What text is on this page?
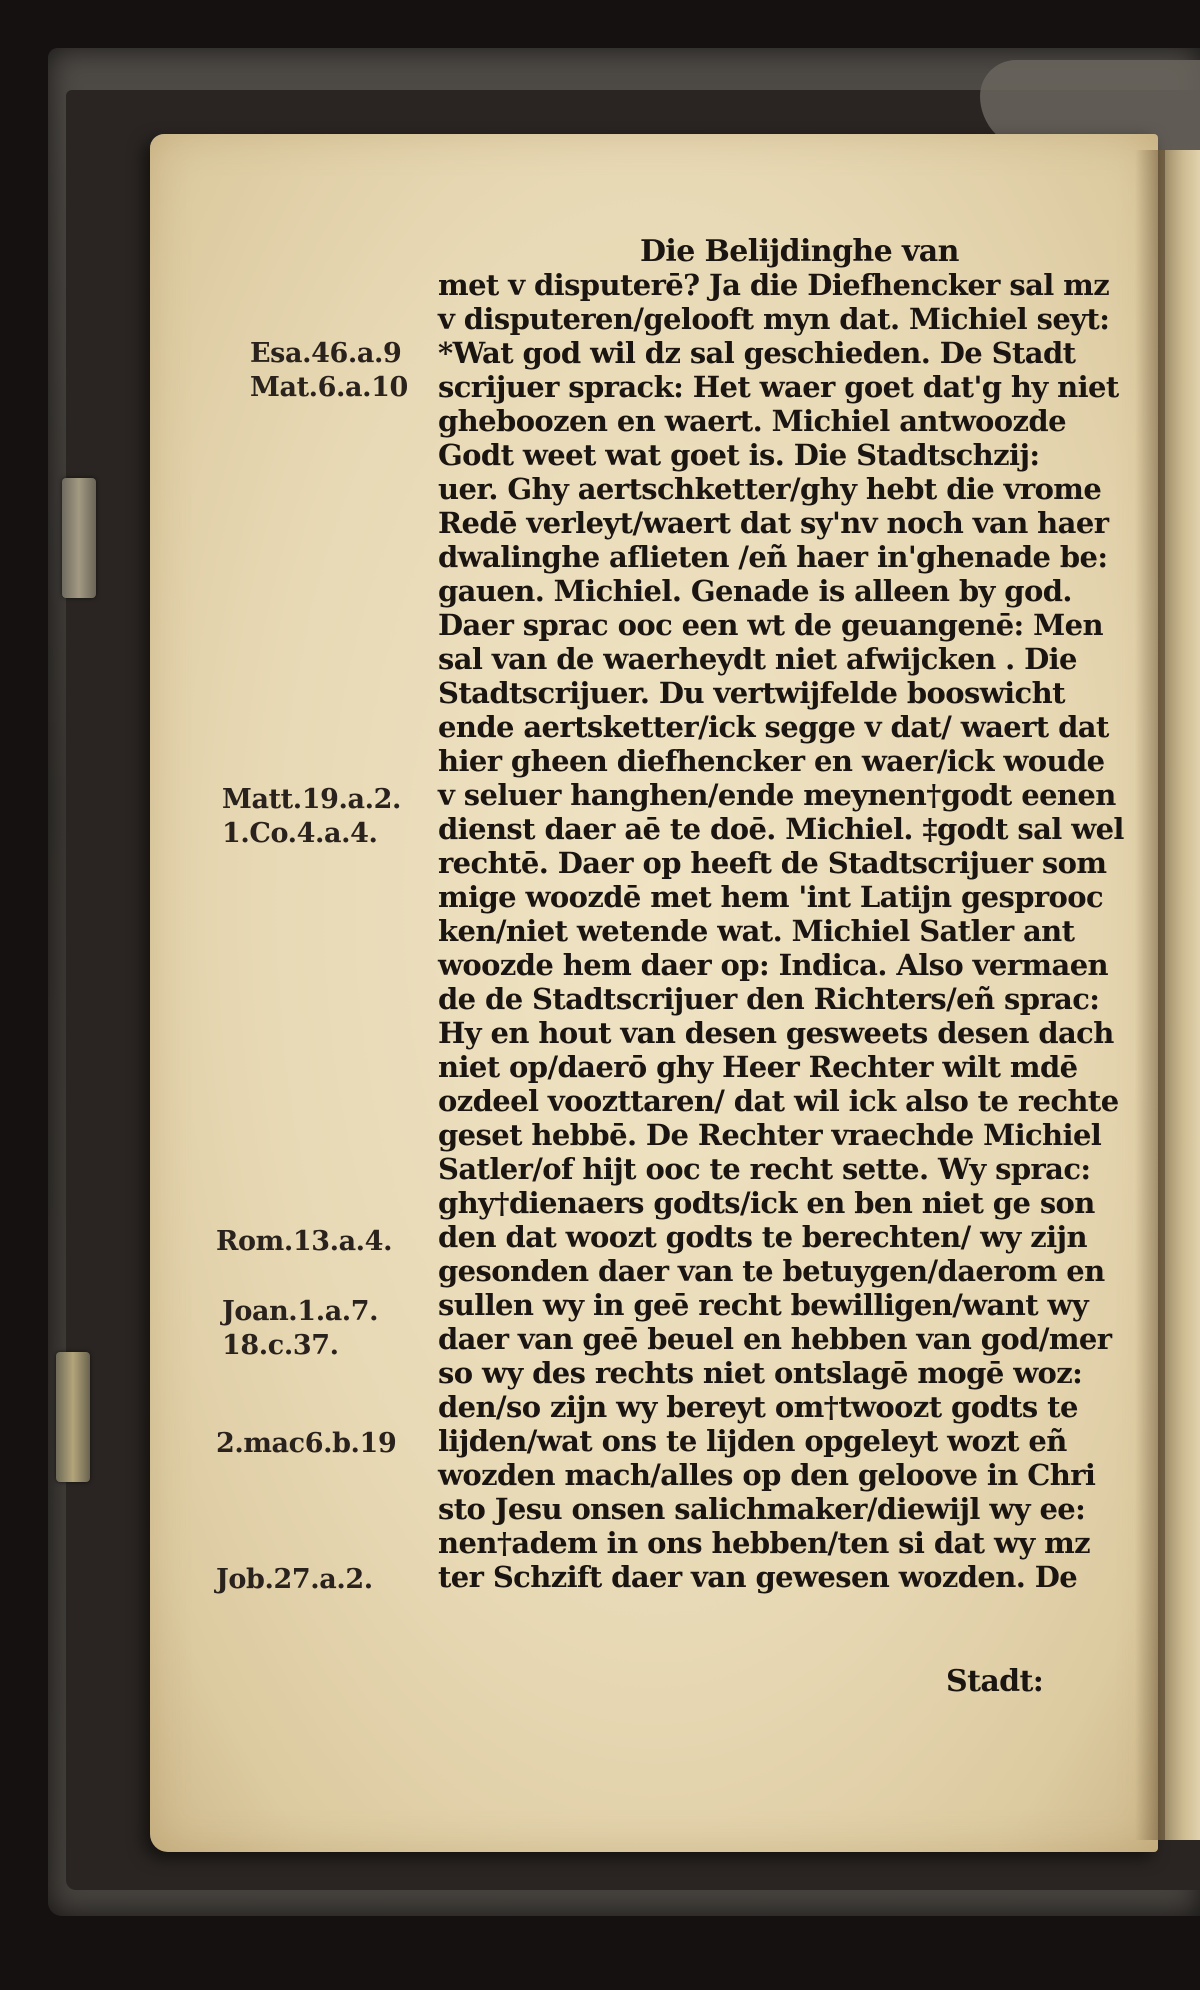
Die Belijdinghe van
met v disputerē? Ja die Diefhencker sal mz
v disputeren/gelooft myn dat. Michiel seyt:
*Wat god wil dz sal geschieden. De Stadt
scrijuer sprack: Het waer goet dat'g hy niet
gheboozen en waert. Michiel antwoozde
Godt weet wat goet is. Die Stadtschzij:
uer. Ghy aertschketter/ghy hebt die vrome
Redē verleyt/waert dat sy'nv noch van haer
dwalinghe aflieten /eñ haer in'ghenade be:
gauen. Michiel. Genade is alleen by god.
Daer sprac ooc een wt de geuangenē: Men
sal van de waerheydt niet afwijcken . Die
Stadtscrijuer. Du vertwijfelde booswicht
ende aertsketter/ick segge v dat/ waert dat
hier gheen diefhencker en waer/ick woude
v seluer hanghen/ende meynen†godt eenen
dienst daer aē te doē. Michiel. ‡godt sal wel
rechtē. Daer op heeft de Stadtscrijuer som
mige woozdē met hem 'int Latijn gesprooc
ken/niet wetende wat. Michiel Satler ant
woozde hem daer op: Indica. Also vermaen
de de Stadtscrijuer den Richters/eñ sprac:
Hy en hout van desen gesweets desen dach
niet op/daerō ghy Heer Rechter wilt mdē
ozdeel voozttaren/ dat wil ick also te rechte
geset hebbē. De Rechter vraechde Michiel
Satler/of hijt ooc te recht sette. Wy sprac:
ghy†dienaers godts/ick en ben niet ge son
den dat woozt godts te berechten/ wy zijn
gesonden daer van te betuygen/daerom en
sullen wy in geē recht bewilligen/want wy
daer van geē beuel en hebben van god/mer
so wy des rechts niet ontslagē mogē woz:
den/so zijn wy bereyt om†twoozt godts te
lijden/wat ons te lijden opgeleyt wozt eñ
wozden mach/alles op den geloove in Chri
sto Jesu onsen salichmaker/diewijl wy ee:
nen†adem in ons hebben/ten si dat wy mz
ter Schzift daer van gewesen wozden. De
Esa.46.a.9
Mat.6.a.10
Matt.19.a.2.
1.Co.4.a.4.
Rom.13.a.4.
Joan.1.a.7.
18.c.37.
2.mac6.b.19
Job.27.a.2.
Stadt:
